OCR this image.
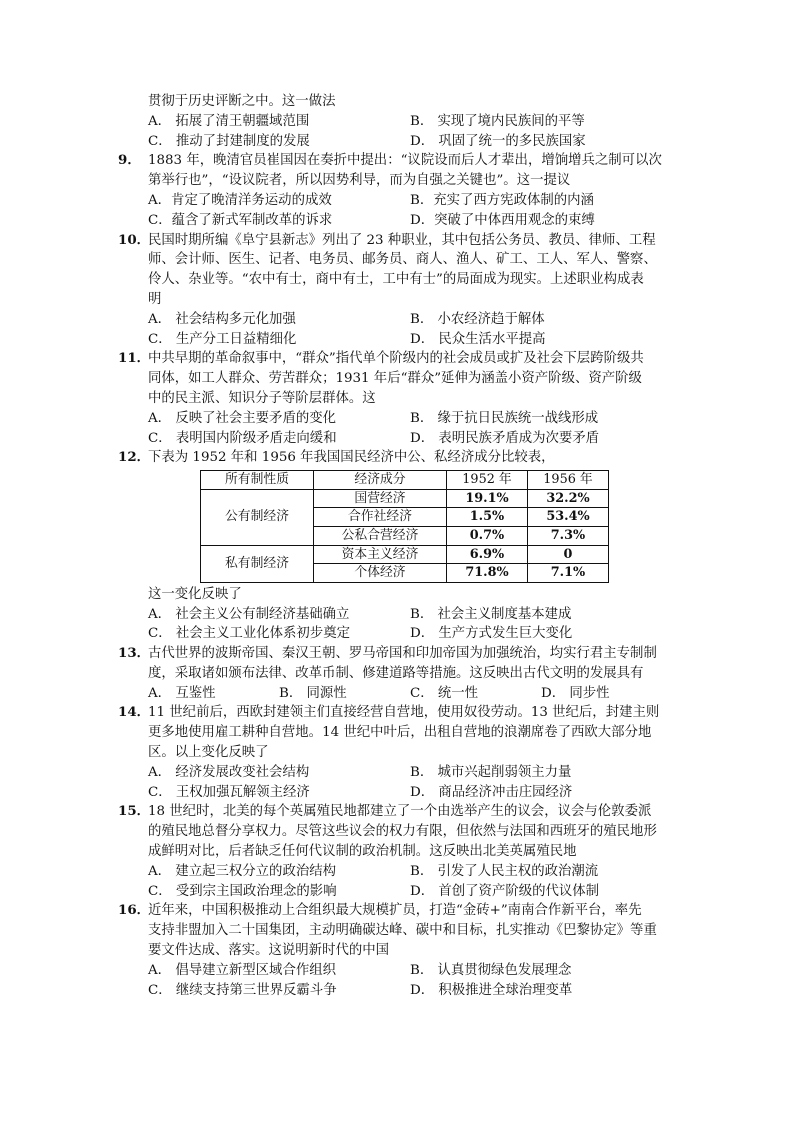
贯彻于历史评断之中。这一做法
A． 拓展了清王朝疆域范围	B． 实现了境内民族间的平等
C． 推动了封建制度的发展	D． 巩固了统一的多民族国家
9． 1883 年，晚清官员崔国因在奏折中提出：“议院设而后人才辈出，增饷增兵之制可以次
第举行也”，“设议院者，所以因势利导，而为自强之关键也”。这一提议
A．肯定了晚清洋务运动的成效	B．充实了西方宪政体制的内涵
C．蕴含了新式军制改革的诉求	D．突破了中体西用观念的束缚
10．
民国时期所编《阜宁县新志》列出了 23 种职业，其中包括公务员、教员、律师、工程
师、会计师、医生、记者、电务员、邮务员、商人、渔人、矿工、工人、军人、警察、
伶人、杂业等。“农中有士，商中有士，工中有士”的局面成为现实。上述职业构成表
明
A． 社会结构多元化加强	B． 小农经济趋于解体
C． 生产分工日益精细化	D． 民众生活水平提高
11．
中共早期的革命叙事中，“群众”指代单个阶级内的社会成员或扩及社会下层跨阶级共
同体，如工人群众、劳苦群众；1931 年后“群众”延伸为涵盖小资产阶级、资产阶级
中的民主派、知识分子等阶层群体。这
A． 反映了社会主要矛盾的变化	B． 缘于抗日民族统一战线形成
C． 表明国内阶级矛盾走向缓和	D． 表明民族矛盾成为次要矛盾
12．
下表为 1952 年和 1956 年我国国民经济中公、私经济成分比较表，
所有制性质	经济成分	1952 年	1956 年
公有制经济	国营经济	19.1%	32.2%
	合作社经济	1.5%	53.4%
	公私合营经济	0.7%	7.3%
私有制经济	资本主义经济	6.9%	0
	个体经济	71.8%	7.1%
这一变化反映了
A． 社会主义公有制经济基础确立	B． 社会主义制度基本建成
C． 社会主义工业化体系初步奠定	D． 生产方式发生巨大变化
13．
古代世界的波斯帝国、秦汉王朝、罗马帝国和印加帝国为加强统治，均实行君主专制制
度，采取诸如颁布法律、改革币制、修建道路等措施。这反映出古代文明的发展具有
A． 互鉴性	B． 同源性	C． 统一性	D． 同步性
14．
11 世纪前后，西欧封建领主们直接经营自营地，使用奴役劳动。13 世纪后，封建主则
更多地使用雇工耕种自营地。14 世纪中叶后，出租自营地的浪潮席卷了西欧大部分地
区。以上变化反映了
A． 经济发展改变社会结构	B． 城市兴起削弱领主力量
C． 王权加强瓦解领主经济	D． 商品经济冲击庄园经济
15．
18 世纪时，北美的每个英属殖民地都建立了一个由选举产生的议会，议会与伦敦委派
的殖民地总督分享权力。尽管这些议会的权力有限，但依然与法国和西班牙的殖民地形
成鲜明对比，后者缺乏任何代议制的政治机制。这反映出北美英属殖民地
A． 建立起三权分立的政治结构	B． 引发了人民主权的政治潮流
C． 受到宗主国政治理念的影响	D． 首创了资产阶级的代议体制
16．
近年来，中国积极推动上合组织最大规模扩员，打造“金砖+”南南合作新平台，率先
支持非盟加入二十国集团，主动明确碳达峰、碳中和目标，扎实推动《巴黎协定》等重
要文件达成、落实。这说明新时代的中国
A． 倡导建立新型区域合作组织	B． 认真贯彻绿色发展理念
C． 继续支持第三世界反霸斗争	D． 积极推进全球治理变革
